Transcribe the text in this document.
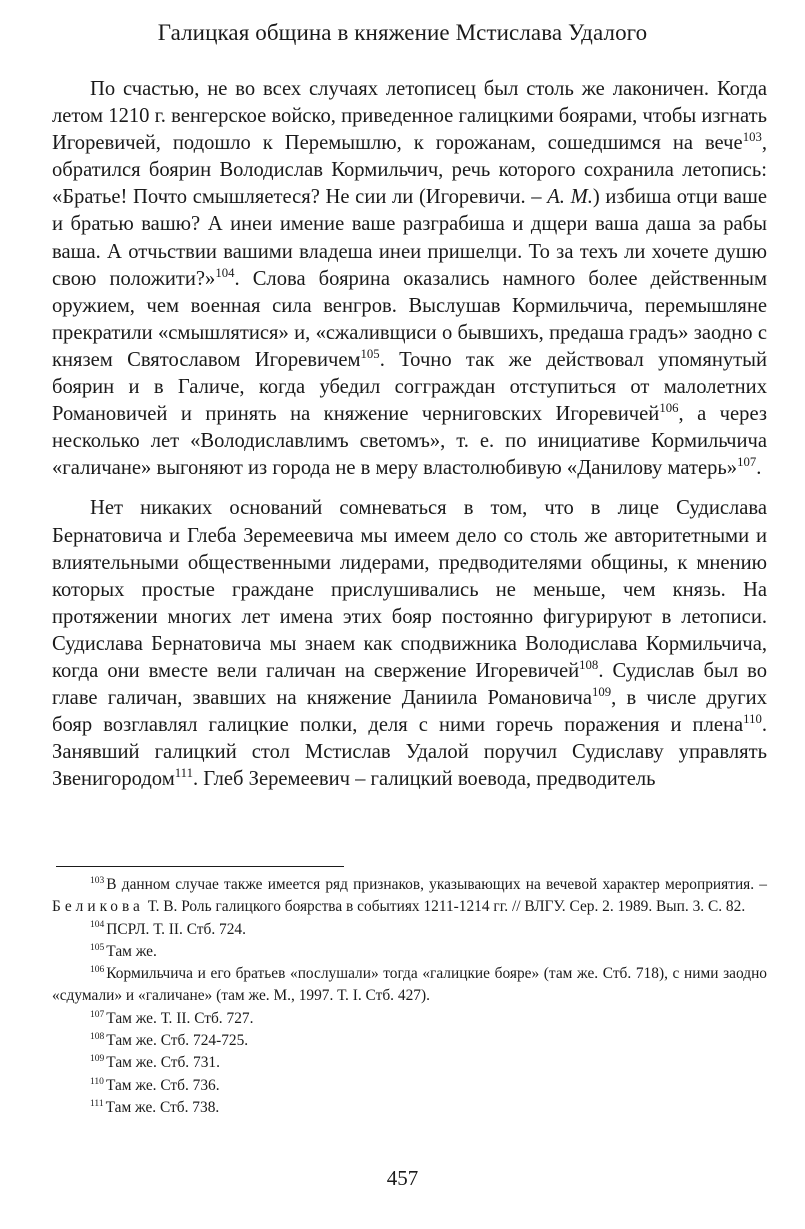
Галицкая община в княжение Мстислава Удалого

По счастью, не во всех случаях летописец был столь же лаконичен. Когда летом 1210 г. венгерское войско, приведенное галицкими боярами, чтобы изгнать Игоревичей, подошло к Перемышлю, к горожанам, сошедшимся на вече$^{103}$, обратился боярин Володислав Кормильчич, речь которого сохранила летопись: «Братье! Почто смышляетеся? Не сии ли (Игоревичи. – А. М.) избиша отци ваше и братью вашю? А инеи имение ваше разграбиша и дщери ваша даша за рабы ваша. А отчьствии вашими владеша инеи пришелци. То за техъ ли хочете душю свою положити?»$^{104}$. Слова боярина оказались намного более действенным оружием, чем военная сила венгров. Выслушав Кормильчича, перемышляне прекратили «смышлятися» и, «сжаливщиси о бывшихъ, предаша градъ» заодно с князем Святославом Игоревичем$^{105}$. Точно так же действовал упомянутый боярин и в Галиче, когда убедил согграждан отступиться от малолетних Романовичей и принять на княжение черниговских Игоревичей$^{106}$, а через несколько лет «Володиславлимъ светомъ», т. е. по инициативе Кормильчича «галичане» выгоняют из города не в меру властолюбивую «Данилову матерь»$^{107}$.

Нет никаких оснований сомневаться в том, что в лице Судислава Бернатовича и Глеба Зеремеевича мы имеем дело со столь же авторитетными и влиятельными общественными лидерами, предводителями общины, к мнению которых простые граждане прислушивались не меньше, чем князь. На протяжении многих лет имена этих бояр постоянно фигурируют в летописи. Судислава Бернатовича мы знаем как сподвижника Володислава Кормильчича, когда они вместе вели галичан на свержение Игоревичей$^{108}$. Судислав был во главе галичан, звавших на княжение Даниила Романовича$^{109}$, в числе других бояр возглавлял галицкие полки, деля с ними горечь поражения и плена$^{110}$. Занявший галицкий стол Мстислав Удалой поручил Судиславу управлять Звенигородом$^{111}$. Глеб Зеремеевич – галицкий воевода, предводитель

$^{103}$ В данном случае также имеется ряд признаков, указывающих на вечевой характер мероприятия. – Беликова Т. В. Роль галицкого боярства в событиях 1211-1214 гг. // ВЛГУ. Сер. 2. 1989. Вып. 3. С. 82.
$^{104}$ ПСРЛ. Т. II. Стб. 724.
$^{105}$ Там же.
$^{106}$ Кормильчича и его братьев «послушали» тогда «галицкие бояре» (там же. Стб. 718), с ними заодно «сдумали» и «галичане» (там же. М., 1997. Т. I. Стб. 427).
$^{107}$ Там же. Т. II. Стб. 727.
$^{108}$ Там же. Стб. 724-725.
$^{109}$ Там же. Стб. 731.
$^{110}$ Там же. Стб. 736.
$^{111}$ Там же. Стб. 738.
457
